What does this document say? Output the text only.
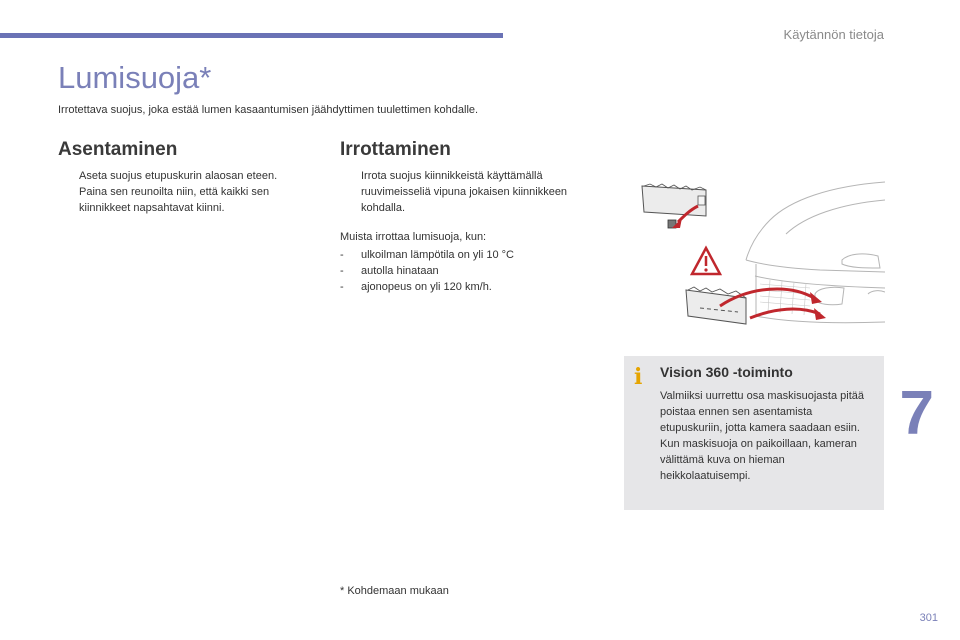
Käytännön tietoja
Lumisuoja*
Irrotettava suojus, joka estää lumen kasaantumisen jäähdyttimen tuulettimen kohdalle.
Asentaminen
Aseta suojus etupuskurin alaosan eteen.
Paina sen reunoilta niin, että kaikki sen kiinnikkeet napsahtavat kiinni.
Irrottaminen
Irrota suojus kiinnikkeistä käyttämällä ruuvimeisseliä vipuna jokaisen kiinnikkeen kohdalla.
Muista irrottaa lumisuoja, kun:
- ulkoilman lämpötila on yli 10 °C
- autolla hinataan
- ajonopeus on yli 120 km/h.
i Vision 360 -toiminto

Valmiiksi uurrettu osa maskisuojasta pitää poistaa ennen sen asentamista etupuskuriin, jotta kamera saadaan esiin. Kun maskisuoja on paikoillaan, kameran välittämä kuva on hieman heikkolaatuisempi.

7
* Kohdemaan mukaan
301
